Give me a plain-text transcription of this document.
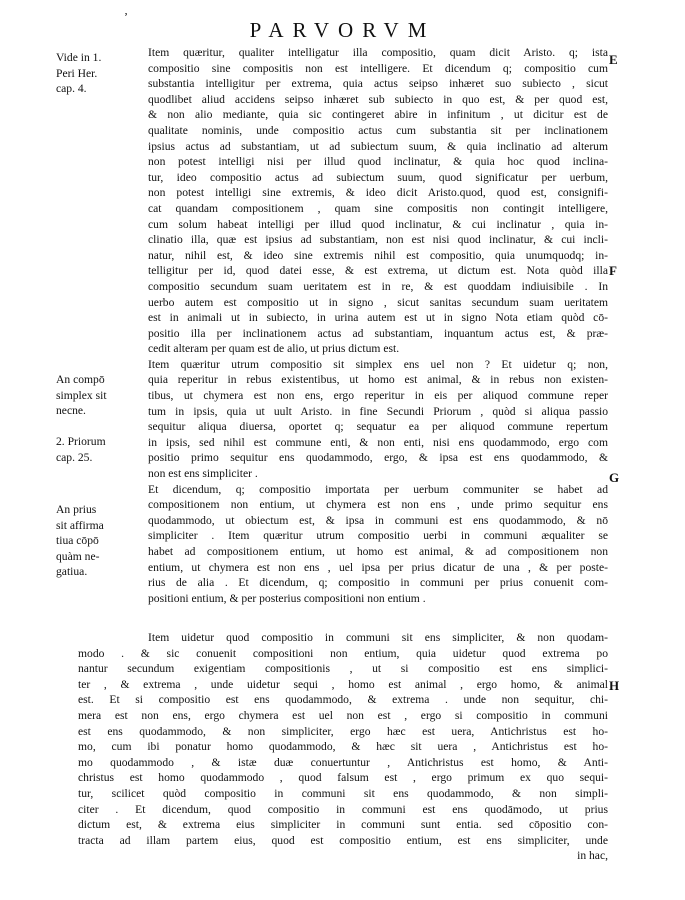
ʼ
PARVORVM
Vide in 1.
Peri Her.
cap. 4.
An compō
simplex sit
necne.
2. Priorum
cap. 25.
An prius
sit affirma
tiua cōpō
quàm ne-
gatiua.
E
F
G
H
Item quæritur, qualiter intelligatur illa compositio, quam dicit Aristo. q; ista
compositio sine compositis non est intelligere. Et dicendum q; compositio cum
substantia intelligitur per extrema, quia actus seipso inhæret suo subiecto , sicut
quodlibet aliud accidens seipso inhæret sub subiecto in quo est, & per quod est,
& non alio mediante, quia sic contingeret abire in infinitum , ut dicitur est de
qualitate nominis, unde compositio actus cum substantia sit per inclinationem
ipsius actus ad substantiam, ut ad subiectum suum, & quia inclinatio ad alterum
non potest intelligi nisi per illud quod inclinatur, & quia hoc quod inclina-
tur, ideo compositio actus ad subiectum suum, quod significatur per uerbum,
non potest intelligi sine extremis, & ideo dicit Aristo.quod, quod est, consignifi-
cat quandam compositionem , quam sine compositis non contingit intelligere,
cum solum habeat intelligi per illud quod inclinatur, & cui inclinatur , quia in-
clinatio illa, quæ est ipsius ad substantiam, non est nisi quod inclinatur, & cui incli-
natur, nihil est, & ideo sine extremis nihil est compositio, quia unumquodq; in-
telligitur per id, quod datei esse, & est extrema, ut dictum est. Nota quòd illa
compositio secundum suam ueritatem est in re, & est quoddam indiuisibile . In
uerbo autem est compositio ut in signo , sicut sanitas secundum suam ueritatem
est in animali ut in subiecto, in urina autem est ut in signo Nota etiam quòd cō-
positio illa per inclinationem actus ad substantiam, inquantum actus est, & præ-
cedit alteram per quam est de alio, ut prius dictum est.
Item quæritur utrum compositio sit simplex ens uel non ? Et uidetur q; non,
quia reperitur in rebus existentibus, ut homo est animal, & in rebus non existen-
tibus, ut chymera est non ens, ergo reperitur in eis per aliquod commune reper
tum in ipsis, quia ut uult Aristo. in fine Secundi Priorum , quòd si aliqua passio
sequitur aliqua diuersa, oportet q; sequatur ea per aliquod commune repertum
in ipsis, sed nihil est commune enti, & non enti, nisi ens quodammodo, ergo com
positio primo sequitur ens quodammodo, ergo, & ipsa est ens quodammodo, &
non est ens simpliciter .
Et dicendum, q; compositio importata per uerbum communiter se habet ad
compositionem non entium, ut chymera est non ens , unde primo sequitur ens
quodammodo, ut obiectum est, & ipsa in communi est ens quodammodo, & nō
simpliciter . Item quæritur utrum compositio uerbi in communi æqualiter se
habet ad compositionem entium, ut homo est animal, & ad compositionem non
entium, ut chymera est non ens , uel ipsa per prius dicatur de una , & per poste-
rius de alia . Et dicendum, q; compositio in communi per prius conuenit com-
positioni entium, & per posterius compositioni non entium .
Item uidetur quod compositio in communi sit ens simpliciter, & non quodam-
modo . & sic conuenit compositioni non entium, quia uidetur quod extrema po
nantur secundum exigentiam compositionis , ut si compositio est ens simplici-
ter , & extrema , unde uidetur sequi , homo est animal , ergo homo, & animal
est. Et si compositio est ens quodammodo, & extrema . unde non sequitur, chi-
mera est non ens, ergo chymera est uel non est , ergo si compositio in communi
est ens quodammodo, & non simpliciter, ergo hæc est uera, Antichristus est ho-
mo, cum ibi ponatur homo quodammodo, & hæc sit uera , Antichristus est ho-
mo quodammodo , & istæ duæ conuertuntur , Antichristus est homo, & Anti-
christus est homo quodammodo , quod falsum est , ergo primum ex quo sequi-
tur, scilicet quòd compositio in communi sit ens quodammodo, & non simpli-
citer . Et dicendum, quod compositio in communi est ens quodāmodo, ut prius
dictum est, & extrema eius simpliciter in communi sunt entia. sed cōpositio con-
tracta ad illam partem eius, quod est compositio entium, est ens simpliciter, unde
in hac,
